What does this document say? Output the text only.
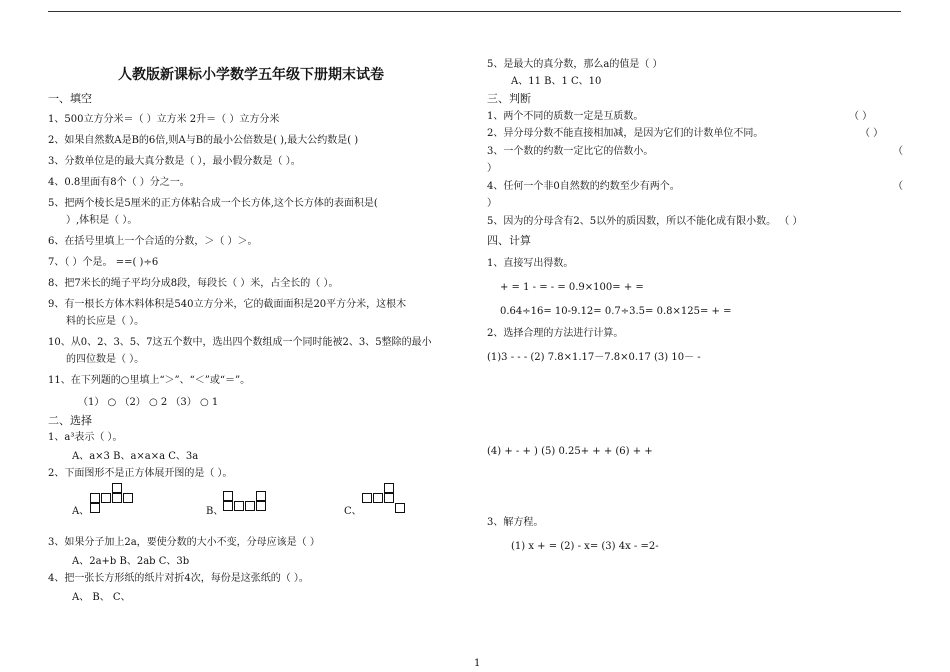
人教版新课标小学数学五年级下册期末试卷
一、填空
1、500立方分米＝（ ）立方米 2升＝（ ）立方分米
2、如果自然数A是B的6倍,则A与B的最小公倍数是( ),最大公约数是( )
3、分数单位是的最大真分数是（ ），最小假分数是（ ）。
4、0.8里面有8个（ ）分之一。
5、把两个棱长是5厘米的正方体粘合成一个长方体,这个长方体的表面积是(
）,体积是（ ）。
6、在括号里填上一个合适的分数，＞（ ）＞。
7、（ ）个是。 ==( )÷6
8、把7米长的绳子平均分成8段，每段长（ ）米，占全长的（ ）。
9、有一根长方体木料体积是540立方分米，它的截面面积是20平方分米，这根木
料的长应是（ ）。
10、从0、2、3、5、7这五个数中，选出四个数组成一个同时能被2、3、5整除的最小
的四位数是（ ）。
11、在下列题的○里填上“＞”、“＜”或“＝”。
（1） ○ （2） ○ 2 （3） ○ 1
二、选择
1、a³表示（ ）。
A、a×3 B、a×a×a C、3a
2、下面图形不是正方体展开图的是（ ）。
A、	B、	C、
3、如果分子加上2a，要使分数的大小不变，分母应该是（ ）
A、2a+b B、2ab C、3b
4、把一张长方形纸的纸片对折4次，每份是这张纸的（ ）。
A、 B、 C、
5、是最大的真分数，那么a的值是（ ）
A、11 B、1 C、10
三、判断
1、两个不同的质数一定是互质数。	（ ）
2、异分母分数不能直接相加减，是因为它们的计数单位不同。	（ ）
3、一个数的约数一定比它的倍数小。	（
）
4、任何一个非0自然数的约数至少有两个。	（
）
5、因为的分母含有2、5以外的质因数，所以不能化成有限小数。 （ ）
四、计算
1、直接写出得数。
+ = 1 - = - = 0.9×100= + =
0.64÷16= 10-9.12= 0.7÷3.5= 0.8×125= + =
2、选择合理的方法进行计算。
(1)3 - - - (2) 7.8×1.17－7.8×0.17 (3) 10－ -
(4) + - + ) (5) 0.25+ + + (6) + +
3、解方程。
(1) x + = (2) - x= (3) 4x - =2-
1
